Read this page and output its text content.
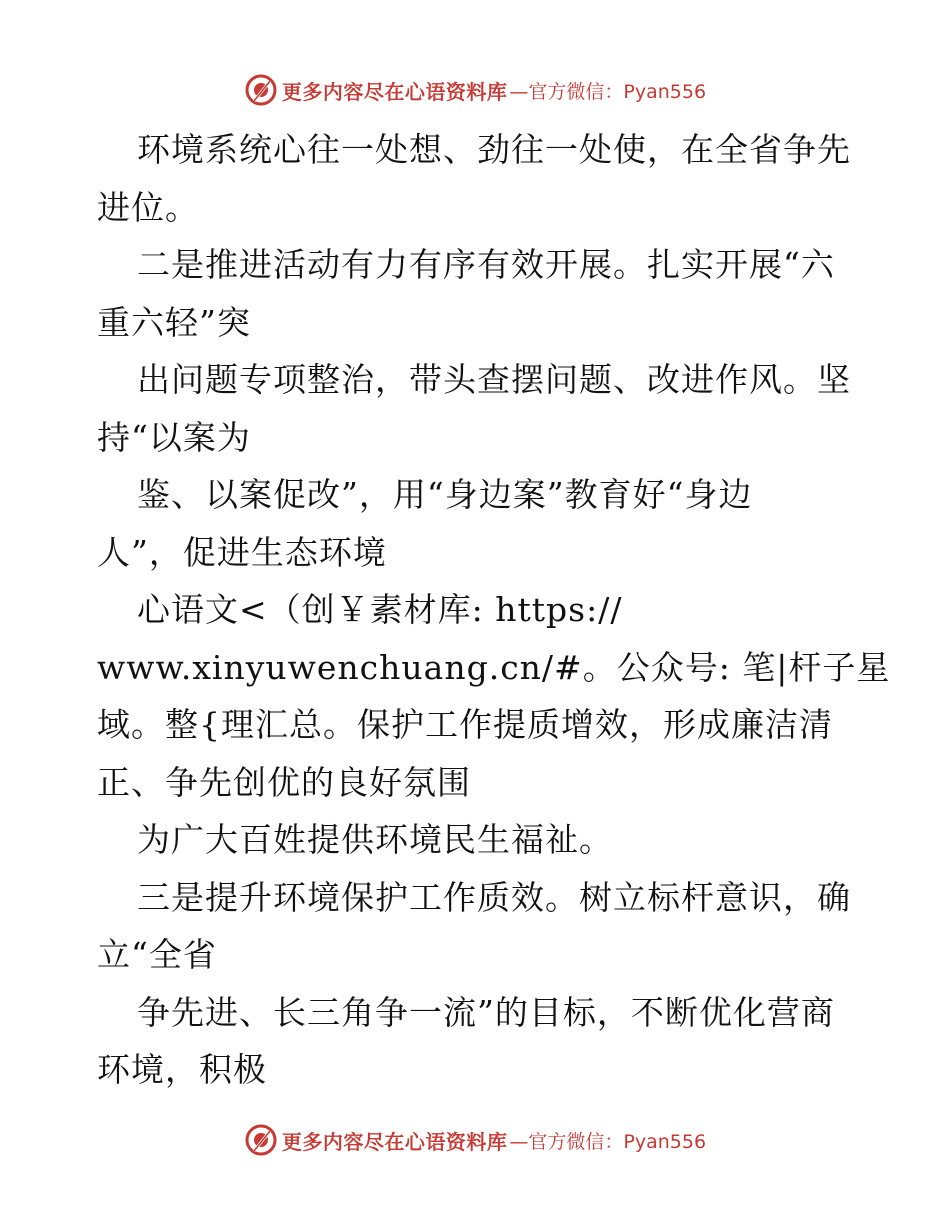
更多内容尽在心语资料库 —官方微信：Pyan556
环境系统心往一处想、劲往一处使，在全省争先
进位。
二是推进活动有力有序有效开展。扎实开展“六
重六轻”突
出问题专项整治，带头查摆问题、改进作风。坚
持“以案为
鉴、以案促改”，用“身边案”教育好“身边
人”，促进生态环境
心语文<（创￥素材库: https://
www.xinyuwenchuang.cn/#。公众号: 笔|杆子星
域。整{理汇总。保护工作提质增效，形成廉洁清
正、争先创优的良好氛围
为广大百姓提供环境民生福祉。
三是提升环境保护工作质效。树立标杆意识，确
立“全省
争先进、长三角争一流”的目标，不断优化营商
环境，积极
更多内容尽在心语资料库 —官方微信：Pyan556
